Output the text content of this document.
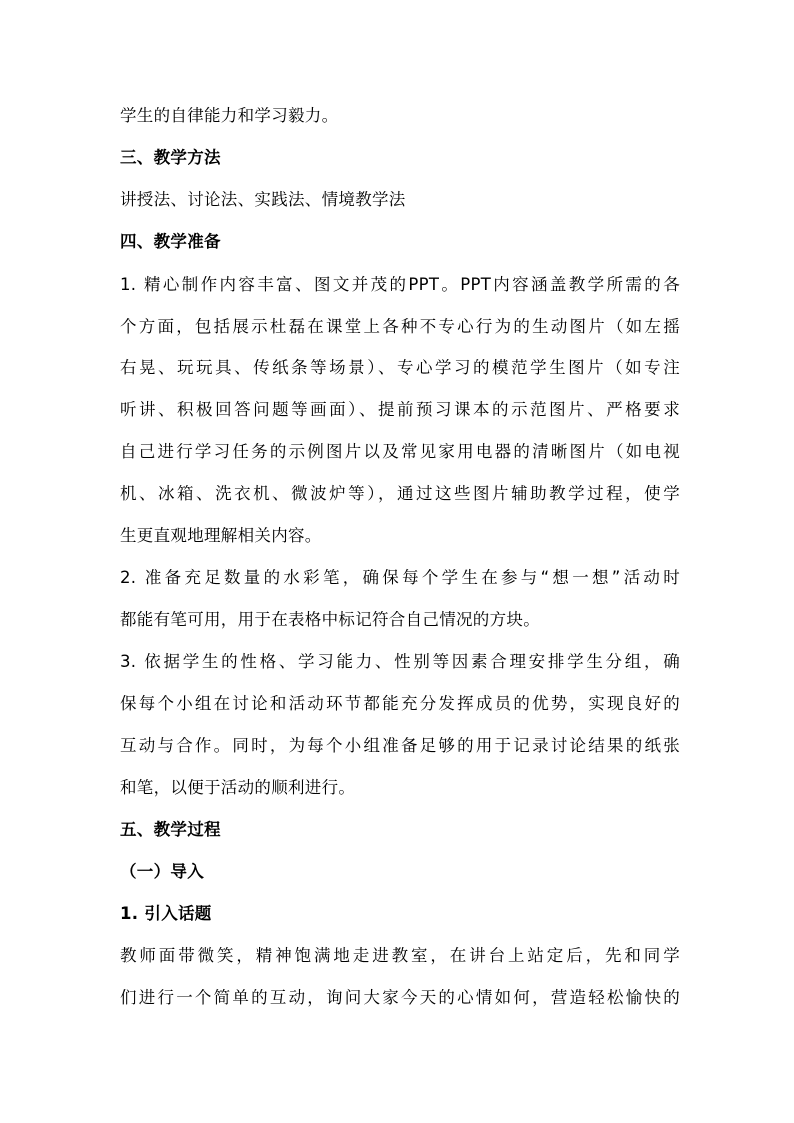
学生的自律能力和学习毅力。
三、教学方法
讲授法、讨论法、实践法、情境教学法
四、教学准备
1. 精心制作内容丰富、图文并茂的PPT。PPT内容涵盖教学所需的各
个方面，包括展示杜磊在课堂上各种不专心行为的生动图片（如左摇
右晃、玩玩具、传纸条等场景）、专心学习的模范学生图片（如专注
听讲、积极回答问题等画面）、提前预习课本的示范图片、严格要求
自己进行学习任务的示例图片以及常见家用电器的清晰图片（如电视
机、冰箱、洗衣机、微波炉等），通过这些图片辅助教学过程，使学
生更直观地理解相关内容。
2. 准备充足数量的水彩笔，确保每个学生在参与“想一想”活动时
都能有笔可用，用于在表格中标记符合自己情况的方块。
3. 依据学生的性格、学习能力、性别等因素合理安排学生分组，确
保每个小组在讨论和活动环节都能充分发挥成员的优势，实现良好的
互动与合作。同时，为每个小组准备足够的用于记录讨论结果的纸张
和笔，以便于活动的顺利进行。
五、教学过程
（一）导入
1. 引入话题
教师面带微笑，精神饱满地走进教室，在讲台上站定后，先和同学
们进行一个简单的互动，询问大家今天的心情如何，营造轻松愉快的
